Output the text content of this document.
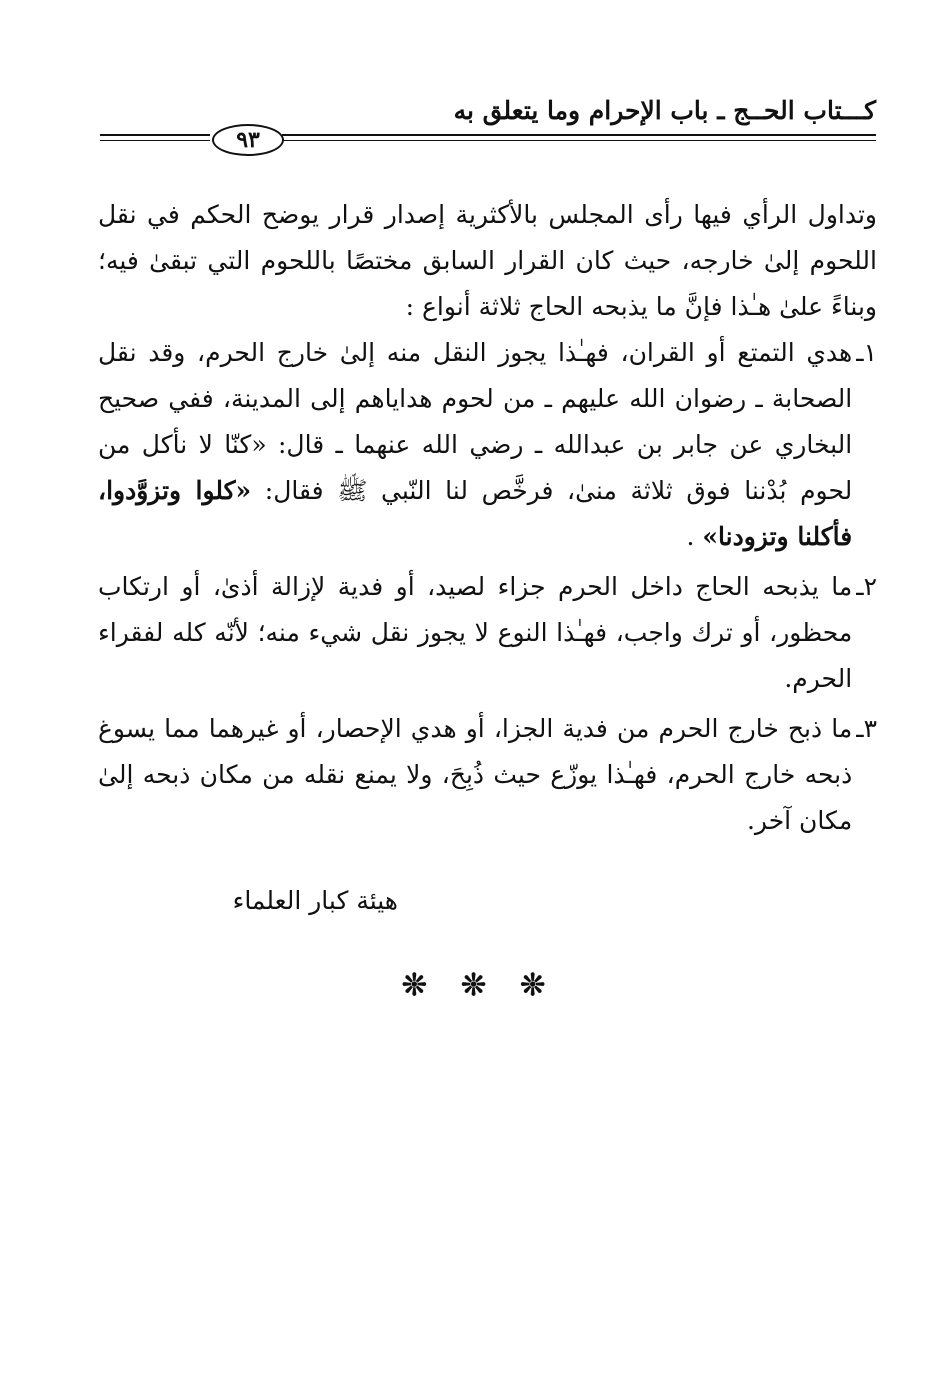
كـــتاب الحــج ـ باب الإحرام وما يتعلق به
٩٣

وتداول الرأي فيها رأى المجلس بالأكثرية إصدار قرار يوضح الحكم في نقل اللحوم إلىٰ خارجه، حيث كان القرار السابق مختصًا باللحوم التي تبقىٰ فيه؛ وبناءً علىٰ هـٰذا فإنَّ ما يذبحه الحاج ثلاثة أنواع :

١ـ
هدي التمتع أو القران، فهـٰذا يجوز النقل منه إلىٰ خارج الحرم، وقد نقل الصحابة ـ رضوان الله عليهم ـ من لحوم هداياهم إلى المدينة، ففي صحيح البخاري عن جابر بن عبدالله ـ رضي الله عنهما ـ قال: «كنّا لا نأكل من لحوم بُدْننا فوق ثلاثة منىٰ، فرخَّص لنا النّبي ﷺ فقال: «كلوا وتزوَّدوا، فأكلنا وتزودنا» .
٢ـ
ما يذبحه الحاج داخل الحرم جزاء لصيد، أو فدية لإزالة أذىٰ، أو ارتكاب محظور، أو ترك واجب، فهـٰذا النوع لا يجوز نقل شيء منه؛ لأنّه كله لفقراء الحرم.
٣ـ
ما ذبح خارج الحرم من فدية الجزا، أو هدي الإحصار، أو غيرهما مما يسوغ ذبحه خارج الحرم، فهـٰذا يوزّع حيث ذُبِحَ، ولا يمنع نقله من مكان ذبحه إلىٰ مكان آخر.
هيئة كبار العلماء
❊
❊
❊
